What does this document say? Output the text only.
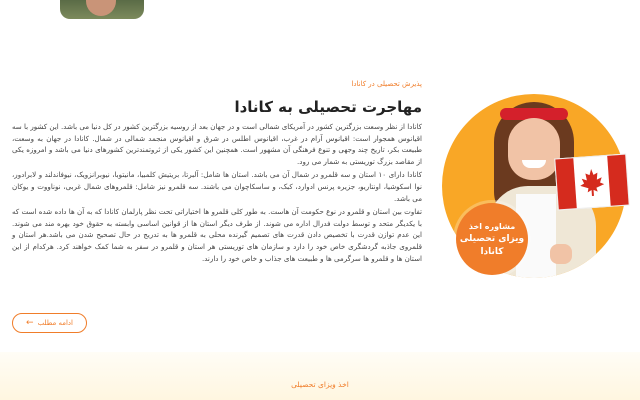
پذیرش تحصیلی در کانادا
مهاجرت تحصیلی به کانادا

کانادا از نظر وسعت بزرگترین کشور در آمریکای شمالی است و در جهان بعد از روسیه بزرگترین کشور در کل دنیا می باشد. این کشور با سه اقیانوس همجوار است: اقیانوس آرام در غرب، اقیانوس اطلس در شرق و اقیانوس منجمد شمالی در شمال. کانادا در جهان به وسعت، طبیعت بکر، تاریخ چند وجهی و تنوع فرهنگی آن مشهور است. همچنین این کشور یکی از ثروتمندترین کشورهای دنیا می باشد و امروزه یکی از مقاصد بزرگ توریستی به شمار می رود.

کانادا دارای ۱۰ استان و سه قلمرو در شمال آن می باشد. استان ها شامل: آلبرتا، بریتیش کلمبیا، مانیتوبا، نیوبرانزویک، نیوفاندلند و لابرادور، نوا اسکوشیا، اونتاریو، جزیره پرنس ادوارد، کبک، و ساسکاچوان می باشند. سه قلمرو نیز شامل: قلمروهای شمال غربی، نوناووت و یوکان می باشد.

تفاوت بین استان و قلمرو در نوع حکومت آن هاست. به طور کلی قلمرو ها اختیاراتی تحت نظر پارلمان کانادا که به آن ها داده شده است که با یکدیگر متحد و توسط دولت فدرال اداره می شوند. از طرف دیگر استان ها از قوانین اساسی وابسته به حقوق خود بهره مند می شوند. این عدم توازن قدرت با تخصیص دادن قدرت های تصمیم گیرنده محلی به قلمرو ها به تدریج در حال تصحیح شدن می باشد.هر استان و قلمروی جاذبه گردشگری خاص خود را دارد و سازمان های توریستی هر استان و قلمرو در سفر به شما کمک خواهند کرد. هرکدام از این استان ها و قلمرو ها سرگرمی ها و طبیعت های جذاب و خاص خود را دارند.

ادامه مطلب
←
مشاوره اخذ
ویزای تحصیلی
کانادا
اخذ ویزای تحصیلی
